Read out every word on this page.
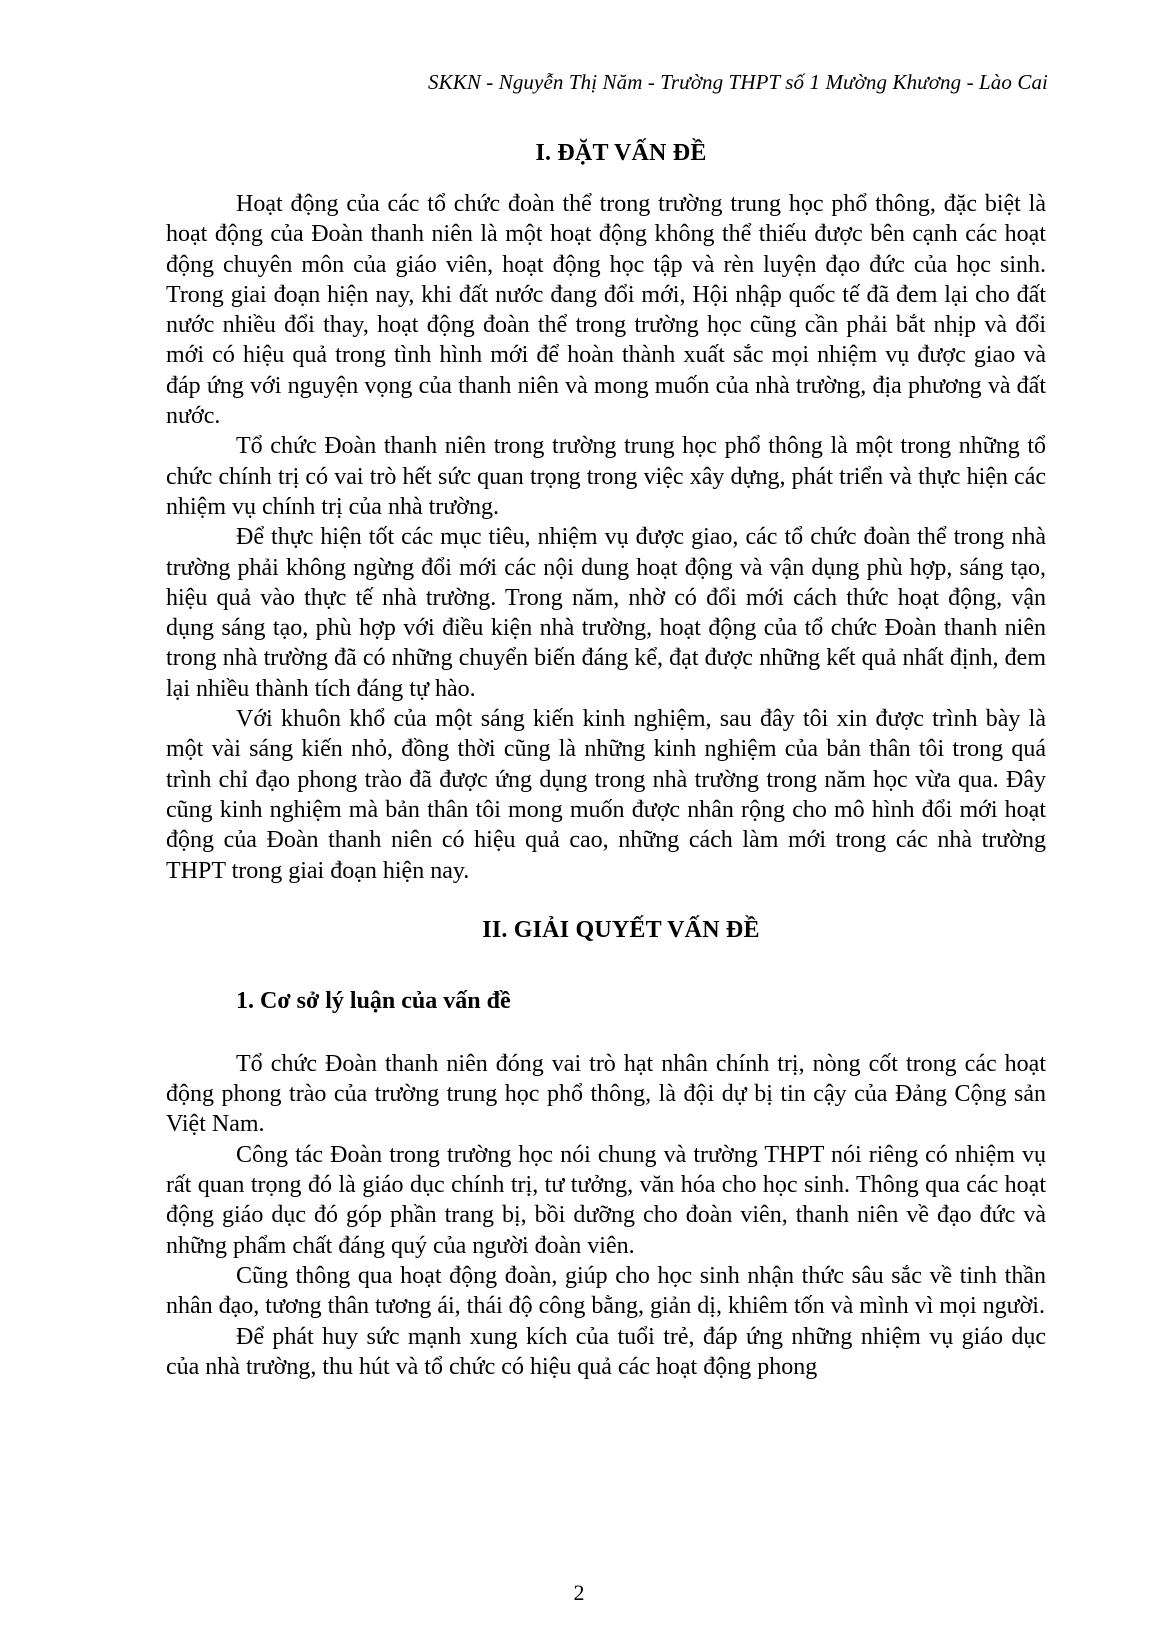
SKKN - Nguyễn Thị Năm - Trường THPT số 1 Mường Khương - Lào Cai
I. ĐẶT VẤN ĐỀ

Hoạt động của các tổ chức đoàn thể trong trường trung học phổ thông, đặc biệt là hoạt động của Đoàn thanh niên là một hoạt động không thể thiếu được bên cạnh các hoạt động chuyên môn của giáo viên, hoạt động học tập và rèn luyện đạo đức của học sinh. Trong giai đoạn hiện nay, khi đất nước đang đổi mới, Hội nhập quốc tế đã đem lại cho đất nước nhiều đổi thay, hoạt động đoàn thể trong trường học cũng cần phải bắt nhịp và đổi mới có hiệu quả trong tình hình mới để hoàn thành xuất sắc mọi nhiệm vụ được giao và đáp ứng với nguyện vọng của thanh niên và mong muốn của nhà trường, địa phương và đất nước.

Tổ chức Đoàn thanh niên trong trường trung học phổ thông là một trong những tổ chức chính trị có vai trò hết sức quan trọng trong việc xây dựng, phát triển và thực hiện các nhiệm vụ chính trị của nhà trường.

Để thực hiện tốt các mục tiêu, nhiệm vụ được giao, các tổ chức đoàn thể trong nhà trường phải không ngừng đổi mới các nội dung hoạt động và vận dụng phù hợp, sáng tạo, hiệu quả vào thực tế nhà trường. Trong năm, nhờ có đổi mới cách thức hoạt động, vận dụng sáng tạo, phù hợp với điều kiện nhà trường, hoạt động của tổ chức Đoàn thanh niên trong nhà trường đã có những chuyển biến đáng kể, đạt được những kết quả nhất định, đem lại nhiều thành tích đáng tự hào.

Với khuôn khổ của một sáng kiến kinh nghiệm, sau đây tôi xin được trình bày là một vài sáng kiến nhỏ, đồng thời cũng là những kinh nghiệm của bản thân tôi trong quá trình chỉ đạo phong trào đã được ứng dụng trong nhà trường trong năm học vừa qua. Đây cũng kinh nghiệm mà bản thân tôi mong muốn được nhân rộng cho mô hình đổi mới hoạt động của Đoàn thanh niên có hiệu quả cao, những cách làm mới trong các nhà trường THPT trong giai đoạn hiện nay.

II. GIẢI QUYẾT VẤN ĐỀ
1. Cơ sở lý luận của vấn đề

Tổ chức Đoàn thanh niên đóng vai trò hạt nhân chính trị, nòng cốt trong các hoạt động phong trào của trường trung học phổ thông, là đội dự bị tin cậy của Đảng Cộng sản Việt Nam.

Công tác Đoàn trong trường học nói chung và trường THPT nói riêng có nhiệm vụ rất quan trọng đó là giáo dục chính trị, tư tưởng, văn hóa cho học sinh. Thông qua các hoạt động giáo dục đó góp phần trang bị, bồi dưỡng cho đoàn viên, thanh niên về đạo đức và những phẩm chất đáng quý của người đoàn viên.

Cũng thông qua hoạt động đoàn, giúp cho học sinh nhận thức sâu sắc về tinh thần nhân đạo, tương thân tương ái, thái độ công bằng, giản dị, khiêm tốn và mình vì mọi người.

Để phát huy sức mạnh xung kích của tuổi trẻ, đáp ứng những nhiệm vụ giáo dục của nhà trường, thu hút và tổ chức có hiệu quả các hoạt động phong

2
